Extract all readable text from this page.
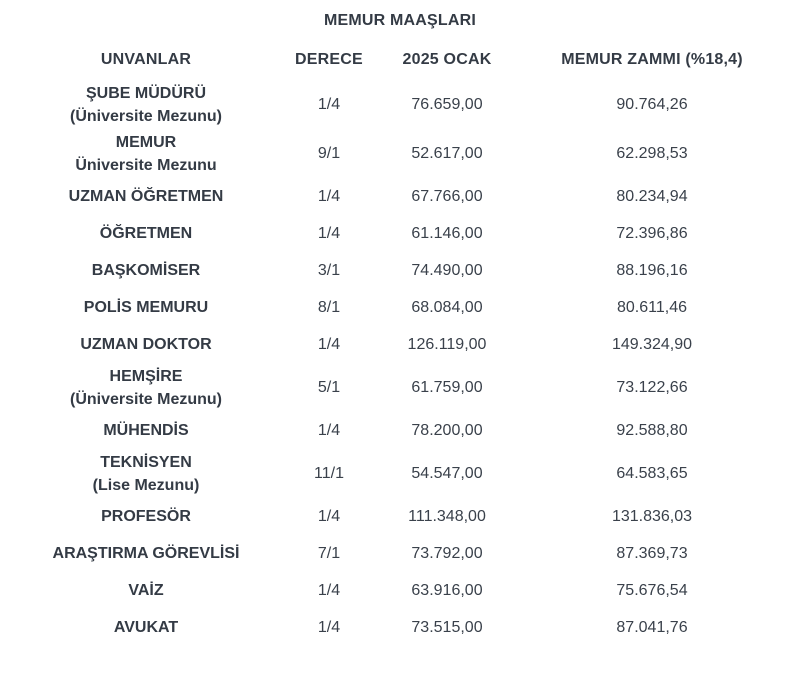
MEMUR MAAŞLARI
UNVANLAR	DERECE	2025 OCAK	MEMUR ZAMMI (%18,4)

ŞUBE MÜDÜRÜ
(Üniversite Mezunu)	1/4	76.659,00	90.764,26

MEMUR
Üniversite Mezunu	9/1	52.617,00	62.298,53

UZMAN ÖĞRETMEN	1/4	67.766,00	80.234,94

ÖĞRETMEN	1/4	61.146,00	72.396,86

BAŞKOMİSER	3/1	74.490,00	88.196,16

POLİS MEMURU	8/1	68.084,00	80.611,46

UZMAN DOKTOR	1/4	126.119,00	149.324,90

HEMŞİRE
(Üniversite Mezunu)	5/1	61.759,00	73.122,66

MÜHENDİS	1/4	78.200,00	92.588,80

TEKNİSYEN
(Lise Mezunu)	11/1	54.547,00	64.583,65

PROFESÖR	1/4	111.348,00	131.836,03

ARAŞTIRMA GÖREVLİSİ	7/1	73.792,00	87.369,73

VAİZ	1/4	63.916,00	75.676,54

AVUKAT	1/4	73.515,00	87.041,76
